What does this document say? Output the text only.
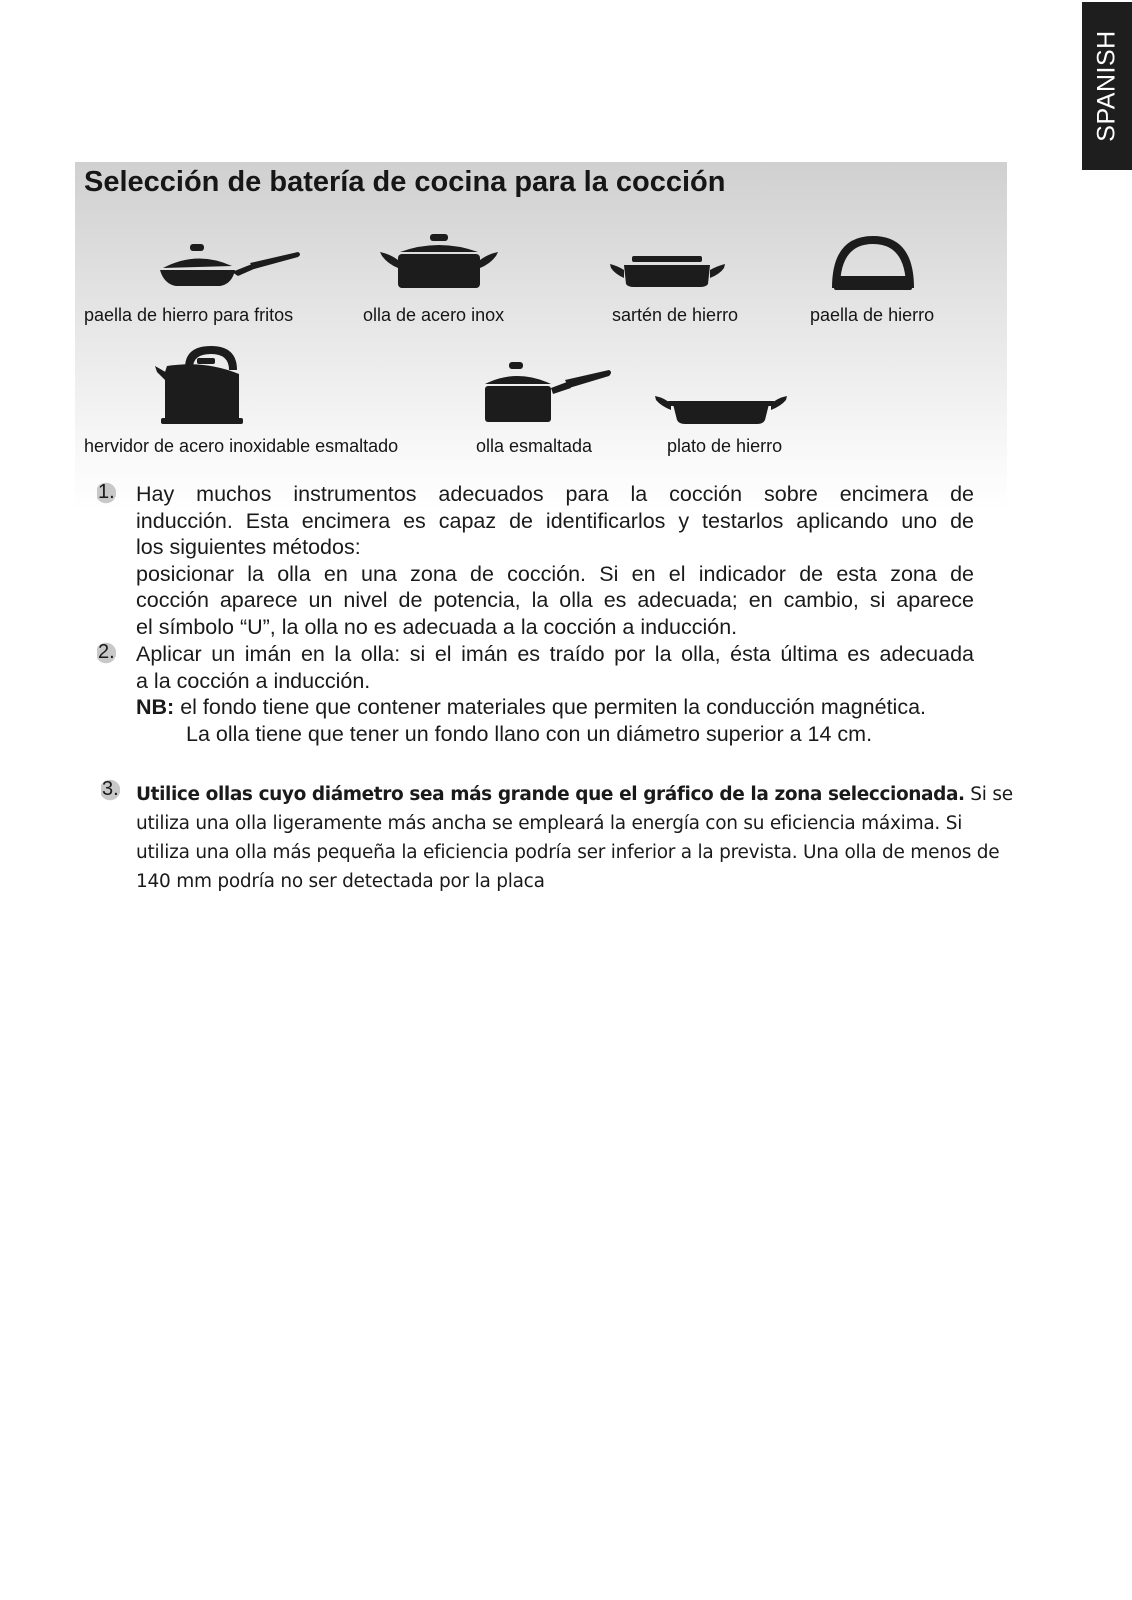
SPANISH
Selección de batería de cocina para la cocción
paella de hierro para fritos	olla de acero inox	sartén de hierro	paella de hierro
hervidor de acero inoxidable esmaltado	olla esmaltada	plato de hierro
1. Hay muchos instrumentos adecuados para la cocción sobre encimera de
inducción. Esta encimera es capaz de identificarlos y testarlos aplicando uno de
los siguientes métodos:
posicionar la olla en una zona de cocción. Si en el indicador de esta zona de
cocción aparece un nivel de potencia, la olla es adecuada; en cambio, si aparece
el símbolo “U”, la olla no es adecuada a la cocción a inducción.
2. Aplicar un imán en la olla: si el imán es traído por la olla, ésta última es adecuada
a la cocción a inducción.
NB: el fondo tiene que contener materiales que permiten la conducción magnética.
La olla tiene que tener un fondo llano con un diámetro superior a 14 cm.
3. Utilice ollas cuyo diámetro sea más grande que el gráfico de la zona seleccionada. Si se utiliza una olla ligeramente más ancha se empleará la energía con su eficiencia máxima. Si utiliza una olla más pequeña la eficiencia podría ser inferior a la prevista. Una olla de menos de 140 mm podría no ser detectada por la placa
